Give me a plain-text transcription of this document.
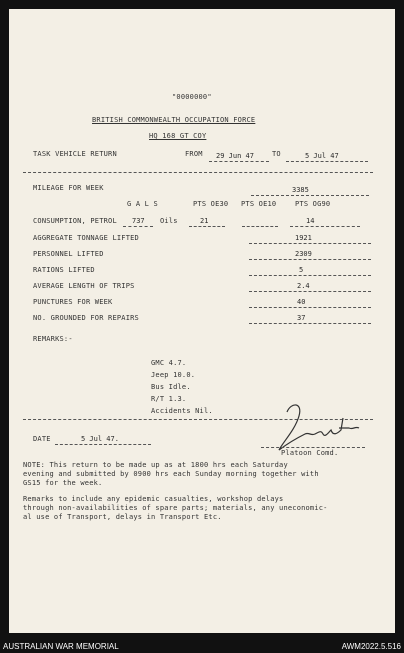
"0000000"
BRITISH COMMONWEALTH OCCUPATION FORCE
HQ 168 GT COY
TASK VEHICLE RETURN	FROM 29 Jun 47	TO	5 Jul 47
MILEAGE FOR WEEK	3385
G A L S	PTS OE30 PTS OE10	PTS OG90
CONSUMPTION, PETROL 737 Oils	21	14
AGGREGATE TONNAGE LIFTED	1921
PERSONNEL LIFTED	2309
RATIONS LIFTED	5
AVERAGE LENGTH OF TRIPS	2.4
PUNCTURES FOR WEEK	40
NO. GROUNDED FOR REPAIRS	37
REMARKS:-
GMC 4.7.
Jeep 10.0.
Bus Idle.
R/T 1.3.
Accidents Nil.
DATE	5 Jul 47.
Platoon Comd.
NOTE: This return to be made up as at 1800 hrs each Saturday
evening and submitted by 0900 hrs each Sunday morning together with
GS15 for the week.
Remarks to include any epidemic casualties, workshop delays
through non-availabilities of spare parts; materials, any uneconomic-
al use of Transport, delays in Transport Etc.
AUSTRALIAN WAR MEMORIAL	AWM2022.5.516
